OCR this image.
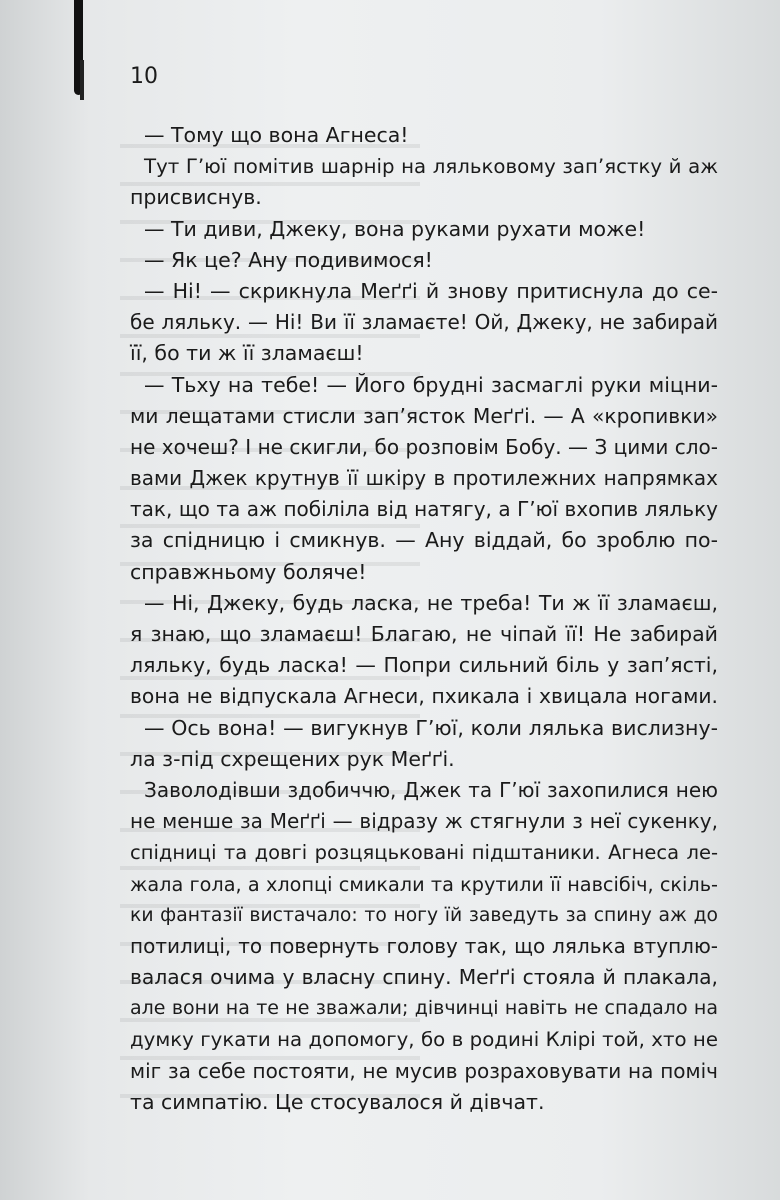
10

— Тому що вона Агнеса!

Тут Г’юї помітив шарнір на ляльковому зап’ястку й аж

присвиснув.

— Ти диви, Джеку, вона руками рухати може!

— Як це? Ану подивимося!

— Ні! — скрикнула Меґґі й знову притиснула до се-

бе ляльку. — Ні! Ви її зламаєте! Ой, Джеку, не забирай

її, бо ти ж її зламаєш!

— Тьху на тебе! — Його брудні засмаглі руки міцни-

ми лещатами стисли зап’ясток Меґґі. — А «кропивки»

не хочеш? І не скигли, бо розповім Бобу. — З цими сло-

вами Джек крутнув її шкіру в протилежних напрямках

так, що та аж побіліла від натягу, а Г’юї вхопив ляльку

за спідницю і смикнув. — Ану віддай, бо зроблю по-

справжньому боляче!

— Ні, Джеку, будь ласка, не треба! Ти ж її зламаєш,

я знаю, що зламаєш! Благаю, не чіпай її! Не забирай

ляльку, будь ласка! — Попри сильний біль у зап’ясті,

вона не відпускала Агнеси, пхикала і хвицала ногами.

— Ось вона! — вигукнув Г’юї, коли лялька вислизну-

ла з-під схрещених рук Меґґі.

Заволодівши здобиччю, Джек та Г’юї захопилися нею

не менше за Меґґі — відразу ж стягнули з неї сукенку,

спідниці та довгі розцяцьковані підштаники. Агнеса ле-

жала гола, а хлопці смикали та крутили її навсібіч, скіль-

ки фантазії вистачало: то ногу їй заведуть за спину аж до

потилиці, то повернуть голову так, що лялька втуплю-

валася очима у власну спину. Меґґі стояла й плакала,

але вони на те не зважали; дівчинці навіть не спадало на

думку гукати на допомогу, бо в родині Клірі той, хто не

міг за себе постояти, не мусив розраховувати на поміч

та симпатію. Це стосувалося й дівчат.
